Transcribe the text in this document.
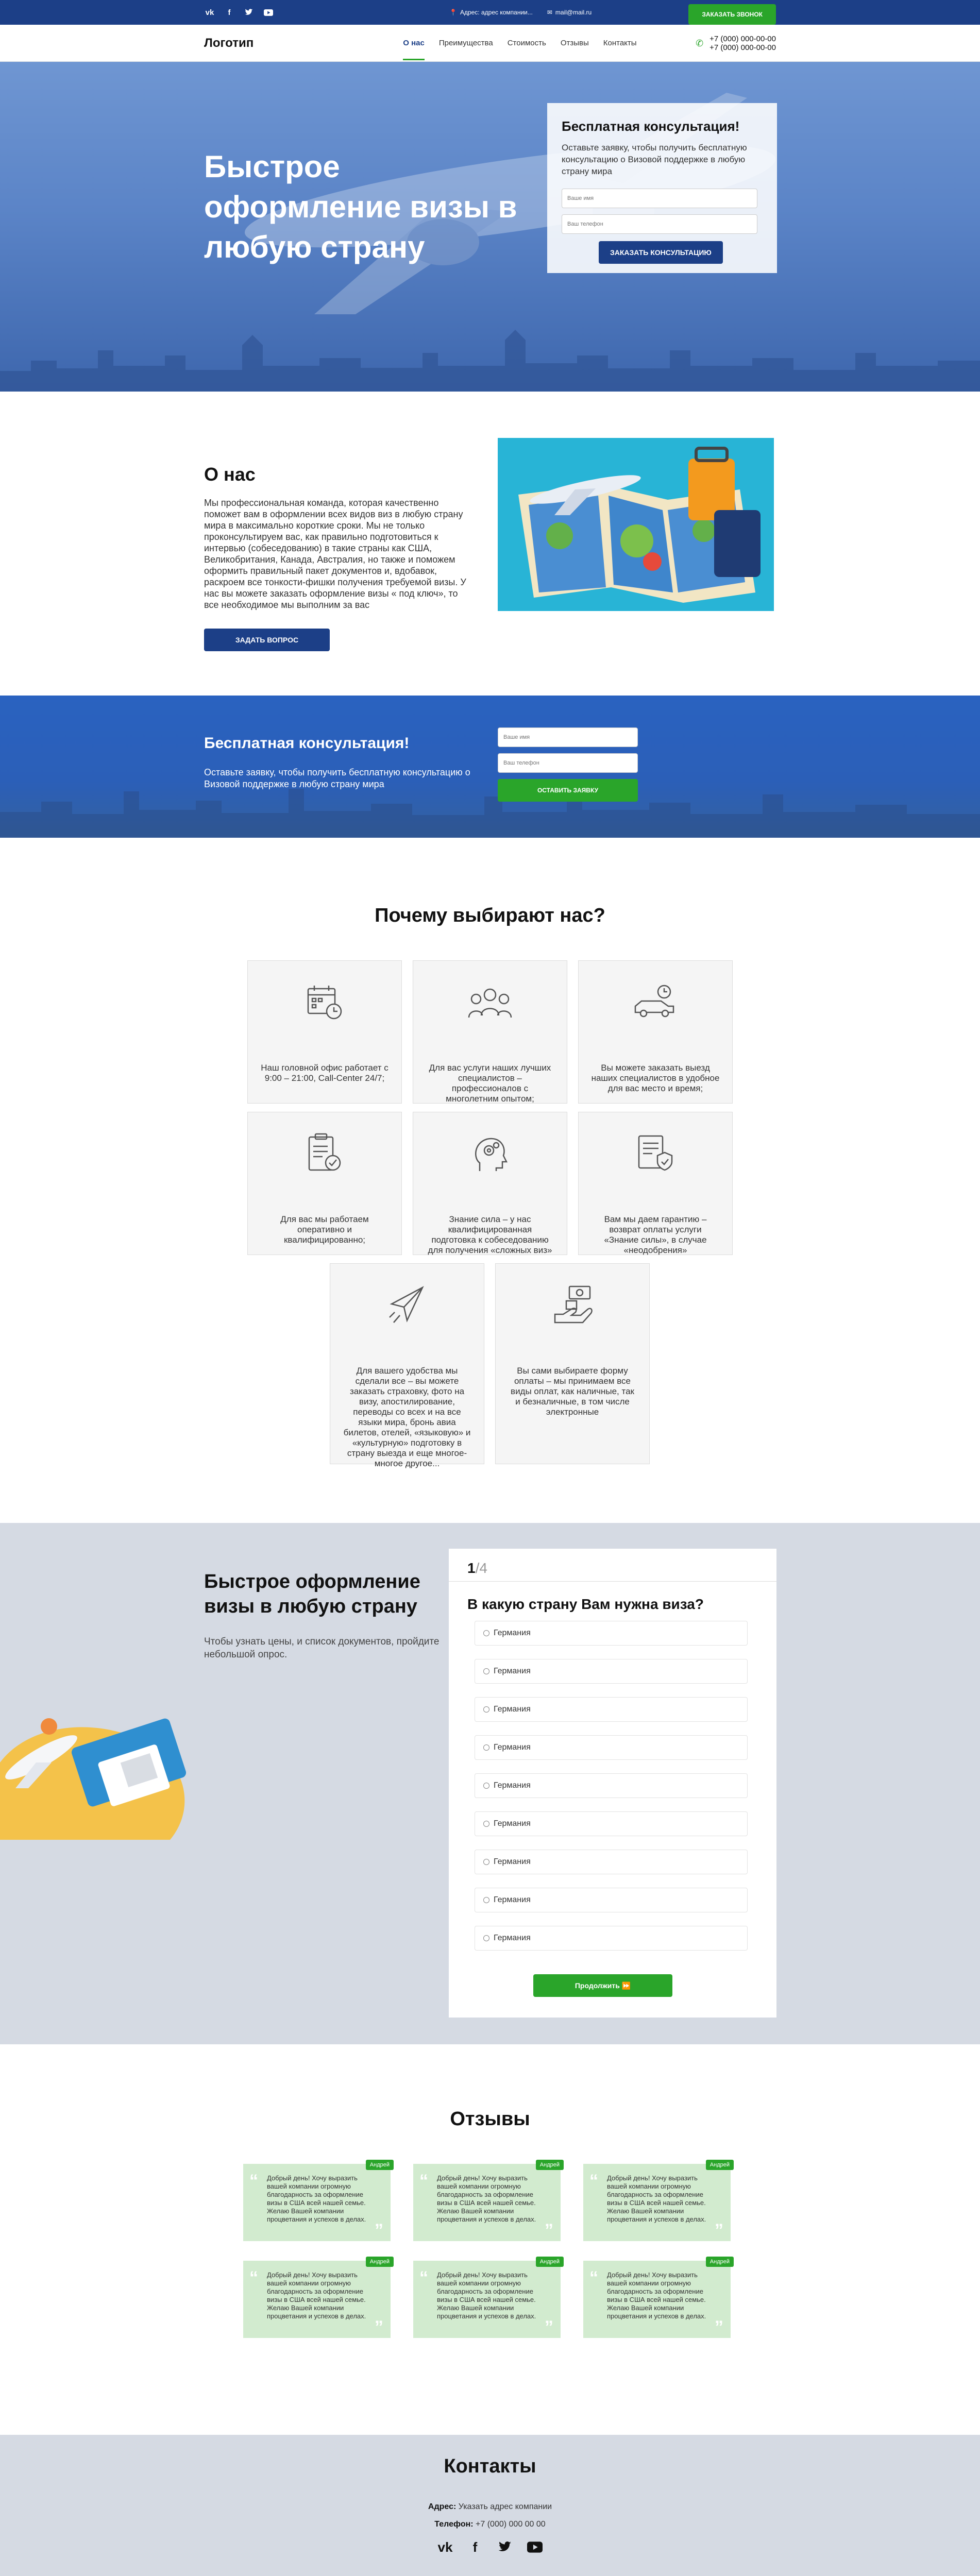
vk	f	📍 Адрес: адрес компании... ✉ mail@mail.ru	ЗАКАЗАТЬ ЗВОНОК
Логотип	О нас Преимущества Стоимость Отзывы Контакты	✆ +7 (000) 000-00-00
+7 (000) 000-00-00
Быстрое оформление визы в любую страну
Бесплатная консультация!

Оставьте заявку, чтобы получить бесплатную консультацию о Визовой поддержке в любую страну мира

Ваше имя
Ваш телефон ЗАКАЗАТЬ КОНСУЛЬТАЦИЮ
О нас

Мы профессиональная команда, которая качественно поможет вам в оформлении всех видов виз в любую страну мира в максимально короткие сроки. Мы не только проконсультируем вас, как правильно подготовиться к интервью (собеседованию) в такие страны как США, Великобритания, Канада, Австралия, но также и поможем оформить правильный пакет документов и, вдобавок, раскроем все тонкости-фишки получения требуемой визы. У нас вы можете заказать оформление визы « под ключ», то все необходимое мы выполним за вас

ЗАДАТЬ ВОПРОС
Бесплатная консультация!

Оставьте заявку, чтобы получить бесплатную консультацию о Визовой поддержке в любую страну мира

Ваше имя
Ваш телефон ОСТАВИТЬ ЗАЯВКУ
Почему выбирают нас?
Наш головной офис работает с 9:00 – 21:00, Call-Center 24/7;
Для вас услуги наших лучших специалистов – профессионалов с многолетним опытом;
Вы можете заказать выезд наших специалистов в удобное для вас место и время;
Для вас мы работаем оперативно и квалифицированно;
Знание сила – у нас квалифицированная подготовка к собеседованию для получения «сложных виз»
Вам мы даем гарантию – возврат оплаты услуги «Знание силы», в случае «неодобрения»
Для вашего удобства мы сделали все – вы можете заказать страховку, фото на визу, апостилирование, переводы со всех и на все языки мира, бронь авиа билетов, отелей, «языковую» и «культурную» подготовку в страну выезда и еще многое-многое другое...
Вы сами выбираете форму оплаты – мы принимаем все виды оплат, как наличные, так и безналичные, в том числе электронные
Быстрое оформление визы в любую страну
Чтобы узнать цены, и список документов, пройдите небольшой опрос.
1/4
В какую страну Вам нужна виза?
Германия
Германия
Германия
Германия
Германия
Германия
Германия
Германия
Германия
Продолжить ⏩
Отзывы
“
Андрей
Добрый день! Хочу выразить вашей компании огромную благодарность за оформление визы в США всей нашей семье. Желаю Вашей компании процветания и успехов в делах.
”
“
Андрей
Добрый день! Хочу выразить вашей компании огромную благодарность за оформление визы в США всей нашей семье. Желаю Вашей компании процветания и успехов в делах.
”
“
Андрей
Добрый день! Хочу выразить вашей компании огромную благодарность за оформление визы в США всей нашей семье. Желаю Вашей компании процветания и успехов в делах.
”
“
Андрей
Добрый день! Хочу выразить вашей компании огромную благодарность за оформление визы в США всей нашей семье. Желаю Вашей компании процветания и успехов в делах.
”
“
Андрей
Добрый день! Хочу выразить вашей компании огромную благодарность за оформление визы в США всей нашей семье. Желаю Вашей компании процветания и успехов в делах.
”
“
Андрей
Добрый день! Хочу выразить вашей компании огромную благодарность за оформление визы в США всей нашей семье. Желаю Вашей компании процветания и успехов в делах.
”
Контакты
Адрес: Указать адрес компании
Телефон: +7 (000) 000 00 00
vk	f
